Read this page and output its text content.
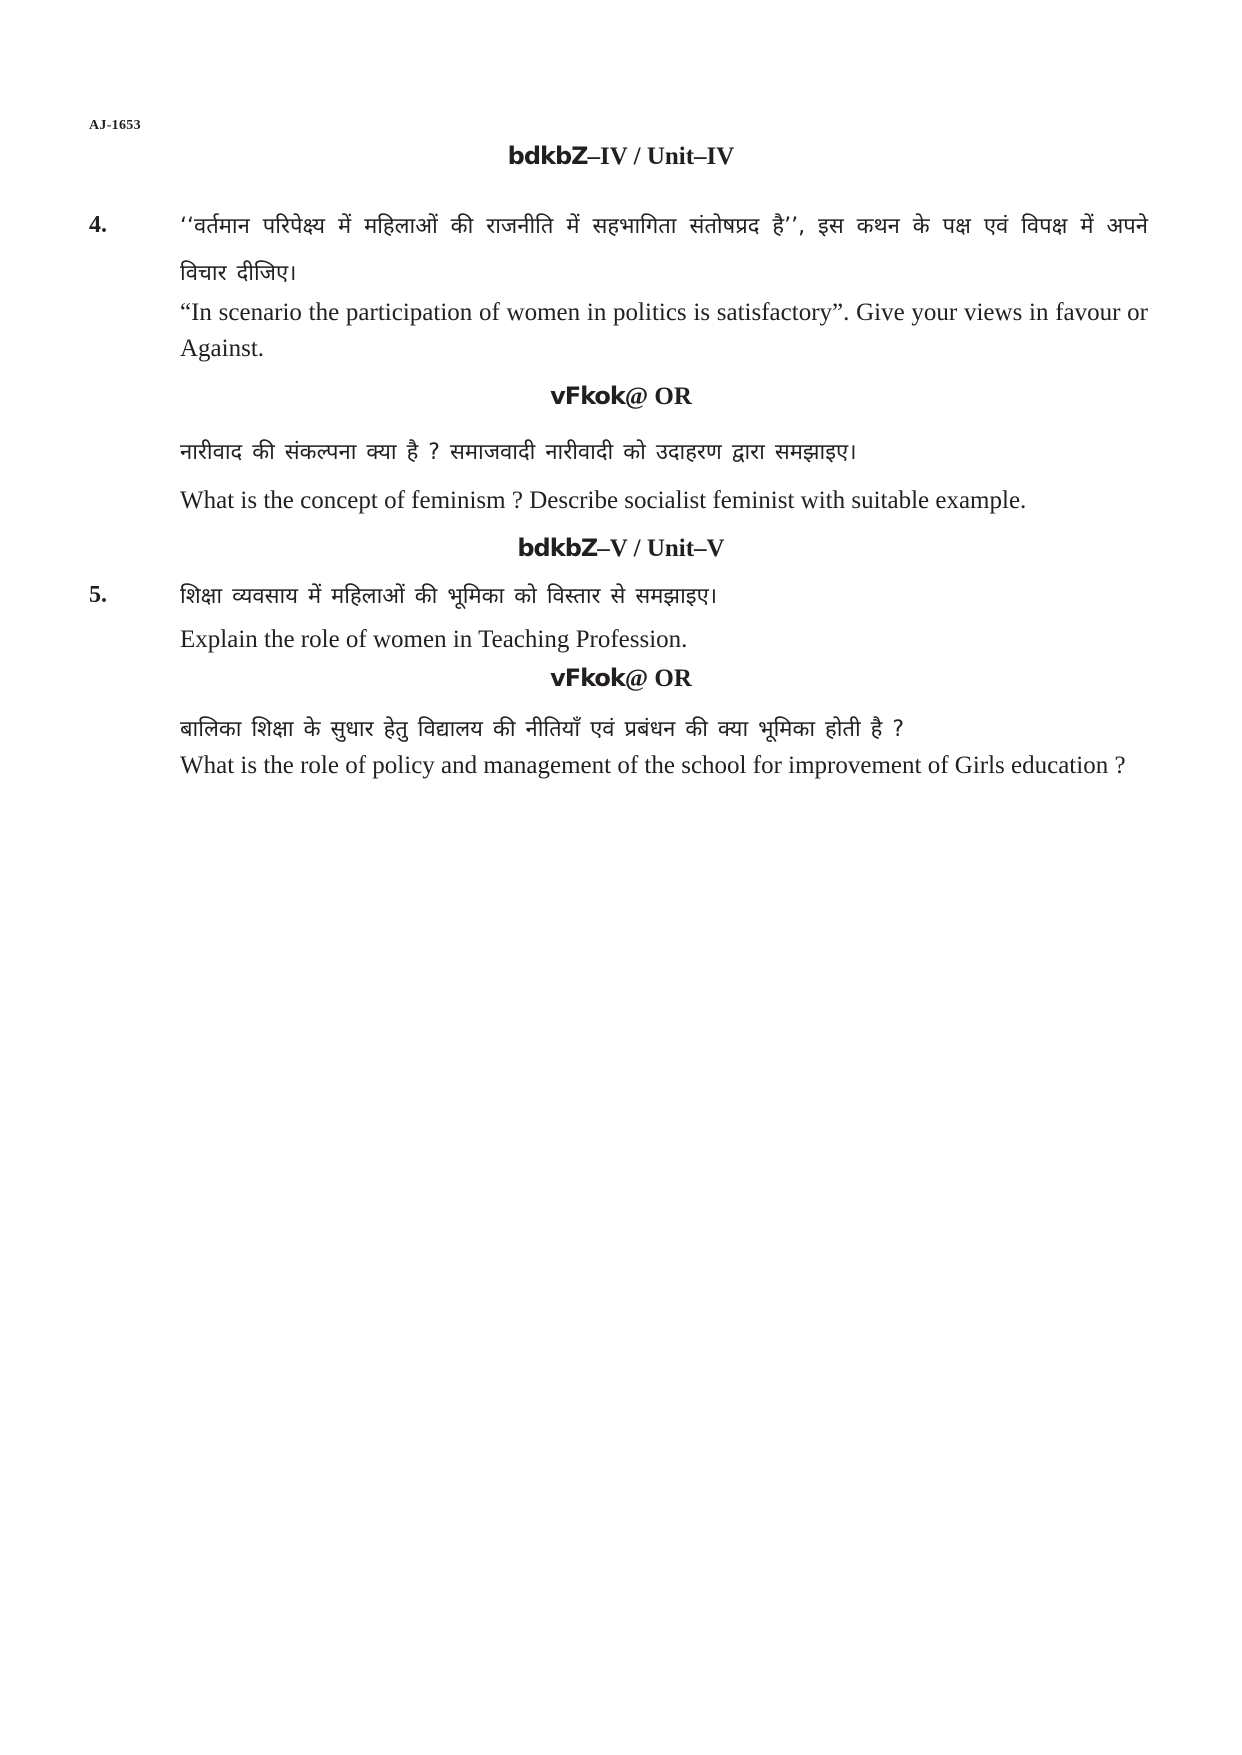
AJ-1653
bdkbZ–IV / Unit–IV
4.	‘‘वर्तमान परिपेक्ष्य में महिलाओं की राजनीति में सहभागिता संतोषप्रद है’’, इस कथन के पक्ष एवं विपक्ष में अपने विचार दीजिए।
“In scenario the participation of women in politics is satisfactory”. Give your views in favour or Against.
vFkok@ OR
नारीवाद की संकल्पना क्या है ? समाजवादी नारीवादी को उदाहरण द्वारा समझाइए।
What is the concept of feminism ? Describe socialist feminist with suitable example.
bdkbZ–V / Unit–V
5.	शिक्षा व्यवसाय में महिलाओं की भूमिका को विस्तार से समझाइए।
Explain the role of women in Teaching Profession.
vFkok@ OR
बालिका शिक्षा के सुधार हेतु विद्यालय की नीतियाँ एवं प्रबंधन की क्या भूमिका होती है ?
What is the role of policy and management of the school for improvement of Girls education ?
